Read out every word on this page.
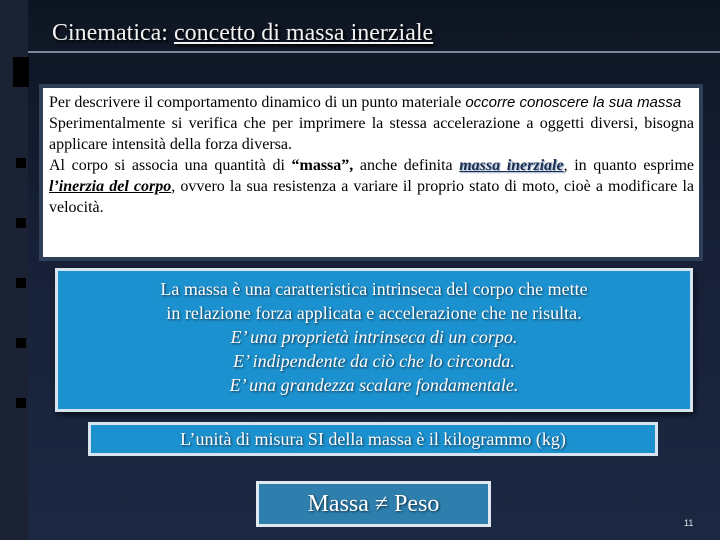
Cinematica: concetto di massa inerziale

Per descrivere il comportamento dinamico di un punto materiale occorre conoscere la sua massa

Sperimentalmente si verifica che per imprimere la stessa accelerazione a oggetti diversi, bisogna applicare intensità della forza diversa.

Al corpo si associa una quantità di “massa”, anche definita massa inerziale, in quanto esprime l’inerzia del corpo, ovvero la sua resistenza a variare il proprio stato di moto, cioè a modificare la velocità.

La massa è una caratteristica intrinseca del corpo che mette
in relazione forza applicata e accelerazione che ne risulta.
E’ una proprietà intrinseca di un corpo.
E’ indipendente da ciò che lo circonda.
E’ una grandezza scalare fondamentale.
L’unità di misura SI della massa è il kilogrammo (kg)
Massa ≠ Peso
11
